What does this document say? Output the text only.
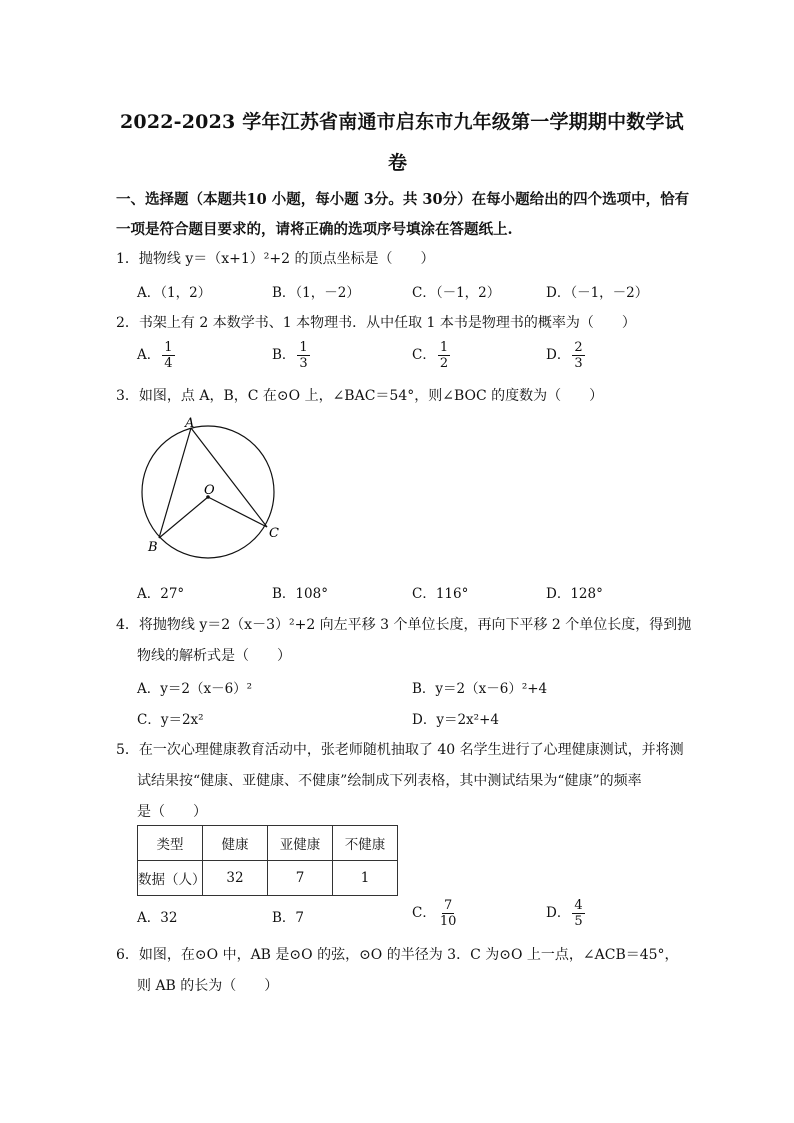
2022-2023 学年江苏省南通市启东市九年级第一学期期中数学试
卷
一、选择题（本题共10 小题，每小题 3分。共 30分）在每小题给出的四个选项中，恰有
一项是符合题目要求的，请将正确的选项序号填涂在答题纸上.
1．抛物线 y＝（x+1）²+2 的顶点坐标是（　　）
A．（1，2）	B．（1，－2）	C．（－1，2）	D．（－1，－2）
2．书架上有 2 本数学书、1 本物理书．从中任取 1 本书是物理书的概率为（　　）
A． $\frac{1}{4}$	B． $\frac{1}{3}$	C． $\frac{1}{2}$	D． $\frac{2}{3}$
3．如图，点 A，B，C 在⊙O 上，∠BAC＝54°，则∠BOC 的度数为（　　）
A
O
B
C
A．27°	B．108°	C．116°	D．128°
4．将抛物线 y＝2（x－3）²+2 向左平移 3 个单位长度，再向下平移 2 个单位长度，得到抛
物线的解析式是（　　）
A．y＝2（x－6）²	B．y＝2（x－6）²+4
C．y＝2x²	D．y＝2x²+4
5．在一次心理健康教育活动中，张老师随机抽取了 40 名学生进行了心理健康测试，并将测
试结果按“健康、亚健康、不健康”绘制成下列表格，其中测试结果为“健康”的频率
是（　　）
类型	健康	亚健康	不健康
数据（人）	32	7	1
A．32	B．7	C． $\frac{7}{10}$	D． $\frac{4}{5}$
6．如图，在⊙O 中，AB 是⊙O 的弦，⊙O 的半径为 3．C 为⊙O 上一点，∠ACB＝45°，
则 AB 的长为（　　）
